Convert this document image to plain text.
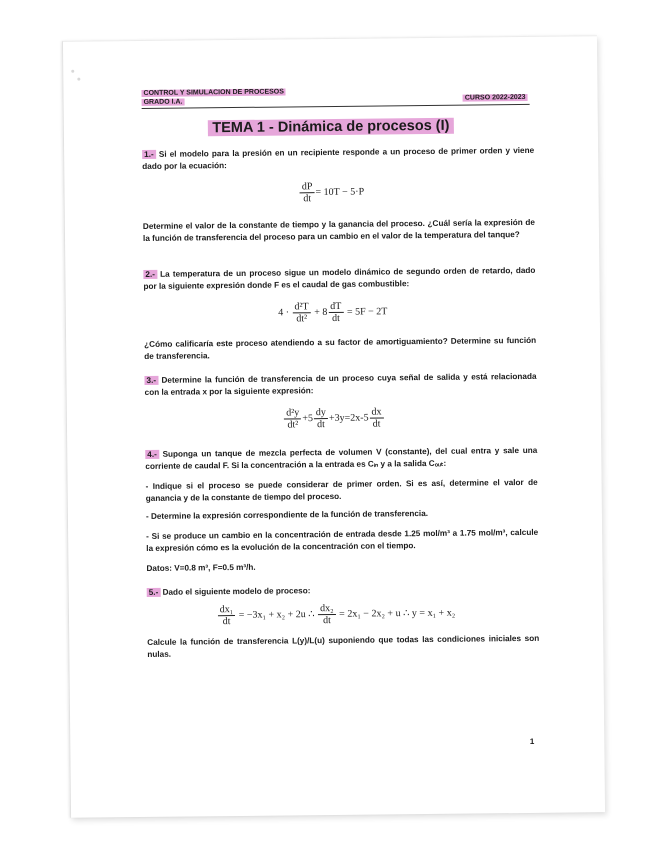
CONTROL Y SIMULACION DE PROCESOS
GRADO I.A.
CURSO 2022-2023
TEMA 1 - Dinámica de procesos (I)
1.- Si el modelo para la presión en un recipiente responde a un proceso de primer orden y viene dado por la ecuación:
$\frac{dP}{dt} = 10T - 5\cdot P$
Determine el valor de la constante de tiempo y la ganancia del proceso. ¿Cuál sería la expresión de la función de transferencia del proceso para un cambio en el valor de la temperatura del tanque?
2.- La temperatura de un proceso sigue un modelo dinámico de segundo orden de retardo, dado por la siguiente expresión donde F es el caudal de gas combustible:
$4 \cdot \frac{\text{d²T}}{\text{dt²}} + 8 \frac{dT}{dt} = 5F - 2T$
¿Cómo calificaría este proceso atendiendo a su factor de amortiguamiento? Determine su función de transferencia.
3.- Determine la función de transferencia de un proceso cuya señal de salida y está relacionada con la entrada x por la siguiente expresión:
$\frac{\text{d²y}}{\text{dt²}} +5 \frac{dy}{dt} +3y=2x-5 \frac{dx}{dt}$
4.- Suponga un tanque de mezcla perfecta de volumen V (constante), del cual entra y sale una corriente de caudal F. Si la concentración a la entrada es Cᵢₙ y a la salida Cₒᵤₜ:
- Indique si el proceso se puede considerar de primer orden. Si es así, determine el valor de ganancia y de la constante de tiempo del proceso.
- Determine la expresión correspondiente de la función de transferencia.
- Si se produce un cambio en la concentración de entrada desde 1.25 mol/m³ a 1.75 mol/m³, calcule la expresión cómo es la evolución de la concentración con el tiempo.
Datos: V=0.8 m³, F=0.5 m³/h.
5.- Dado el siguiente modelo de proceso:
$\frac{\text{dx₁}}{dt} = -3x_1 + x_2 + 2u$ ∴ $\frac{\text{dx₂}}{dt} = 2x_1 - 2x_2 + u$ ∴ y = x₁ + x₂
Calcule la función de transferencia L(y)/L(u) suponiendo que todas las condiciones iniciales son nulas.
1
